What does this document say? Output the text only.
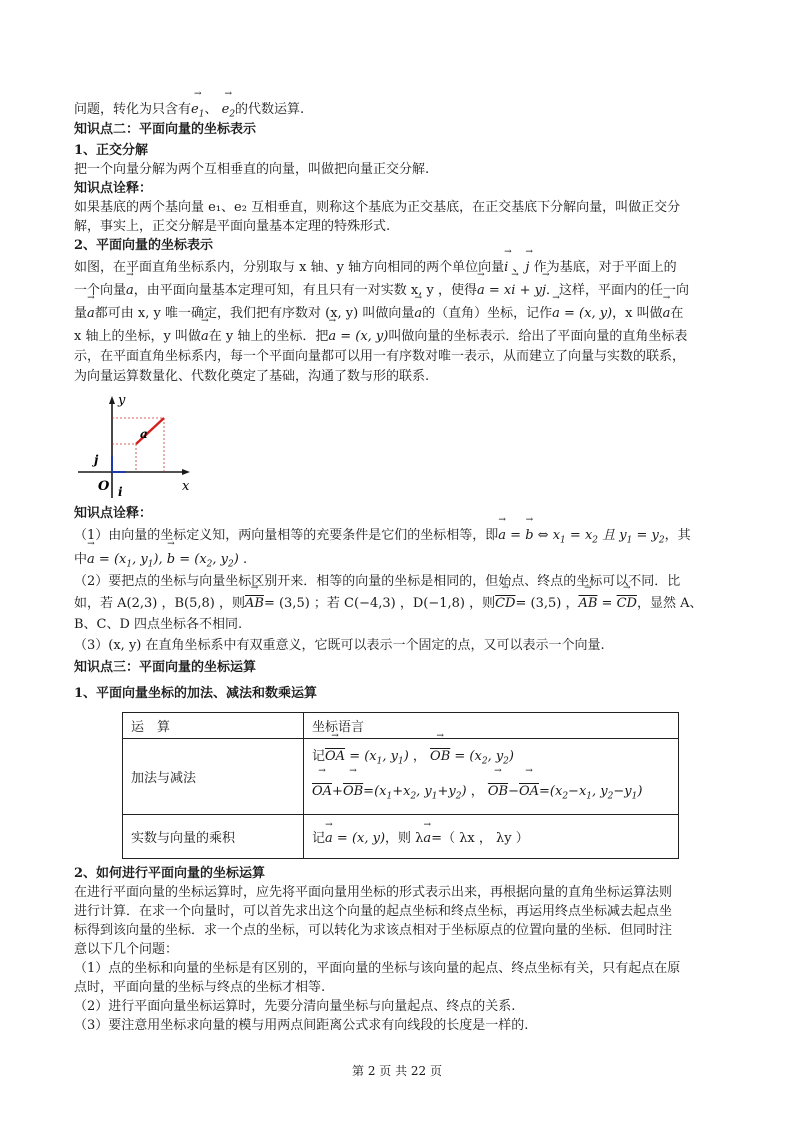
问题，转化为只含有→ $e_1$、 → $e_2$的代数运算.
知识点二：平面向量的坐标表示
1、正交分解
把一个向量分解为两个互相垂直的向量，叫做把向量正交分解.
知识点诠释：
如果基底的两个基向量 e₁、e₂ 互相垂直，则称这个基底为正交基底，在正交基底下分解向量，叫做正交分
解，事实上，正交分解是平面向量基本定理的特殊形式.
2、平面向量的坐标表示
如图，在平面直角坐标系内，分别取与 x 轴、y 轴方向相同的两个单位向量→ i 、→ j 作为基底，对于平面上的
一个向量→ a，由平面向量基本定理可知，有且只有一对实数 x, y ，使得→ a = x→ i + y→ j．这样，平面内的任一向
量→ a都可由 x, y 唯一确定，我们把有序数对 (x, y) 叫做向量→ a的（直角）坐标，记作→ a = (x, y)，x 叫做→ a在
x 轴上的坐标，y 叫做→ a在 y 轴上的坐标．把→ a = (x, y)叫做向量的坐标表示．给出了平面向量的直角坐标表
示，在平面直角坐标系内，每一个平面向量都可以用一有序数对唯一表示，从而建立了向量与实数的联系，
为向量运算数量化、代数化奠定了基础，沟通了数与形的联系.
y
x
O
a
i
j
知识点诠释：
（1）由向量的坐标定义知，两向量相等的充要条件是它们的坐标相等，即→ a = → b ⇔ $x_1 = x_2$ 且 $y_1 = y_2$，其
中→ $a = (x_1$, $y_1$), → $b = (x_2$, $y_2$) .
（2）要把点的坐标与向量坐标区别开来．相等的向量的坐标是相同的，但始点、终点的坐标可以不同．比
如，若 A(2,3) ，B(5,8) ，则→ $\overline{AB}= (3,5)$ ；若 C(−4,3) ，D(−1,8) ，则→ $\overline{CD}= (3,5)$ ，→ $\overline{AB}$ = → $\overline{CD}$，显然 A、
B、C、D 四点坐标各不相同.
（3）(x, y) 在直角坐标系中有双重意义，它既可以表示一个固定的点，又可以表示一个向量.
知识点三：平面向量的坐标运算
1、平面向量坐标的加法、减法和数乘运算
运　算	坐标语言
加法与减法	记→ $\overline{OA} = (x_1$, $y_1$) ， → $\overline{OB} = (x_2$, $y_2$)
→ $\overline{OA}+\to \overline{OB}=(x_1+x_2$, $y_1+y_2$) ， → $\overline{OB}-\to \overline{OA}=(x_2-x_1$, $y_2-y_1$)

实数与向量的乘积	记→ a = (x, y)，则 λ→ a=（ λx ， λy ）
2、如何进行平面向量的坐标运算
在进行平面向量的坐标运算时，应先将平面向量用坐标的形式表示出来，再根据向量的直角坐标运算法则
进行计算．在求一个向量时，可以首先求出这个向量的起点坐标和终点坐标，再运用终点坐标减去起点坐
标得到该向量的坐标．求一个点的坐标，可以转化为求该点相对于坐标原点的位置向量的坐标．但同时注
意以下几个问题：
（1）点的坐标和向量的坐标是有区别的，平面向量的坐标与该向量的起点、终点坐标有关，只有起点在原
点时，平面向量的坐标与终点的坐标才相等.
（2）进行平面向量坐标运算时，先要分清向量坐标与向量起点、终点的关系.
（3）要注意用坐标求向量的模与用两点间距离公式求有向线段的长度是一样的.
第 2 页 共 22 页
